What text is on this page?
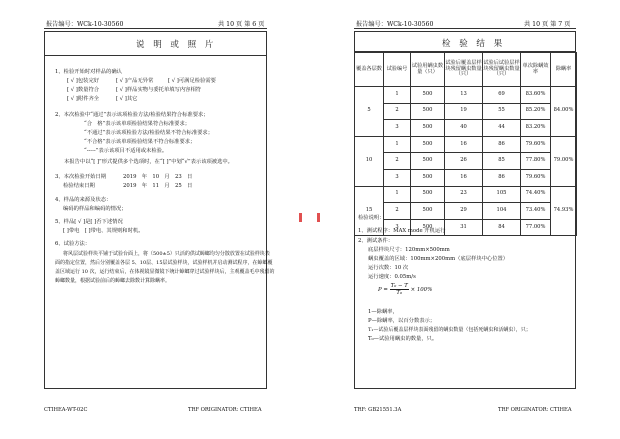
报告编号：WCk-10-30560	共 10 页 第 6 页
说 明 或 照 片
1、检验开始时对样品的确认
[ √ ]包装完好	[ √ ]产品无异常	[ √ ]可满足检验需要
[ √ ]数量符合	[ √ ]样品实物与委托单填写内容相符
[ √ ]附件齐全	[ √ ]其它
2、本次检验中“通过”表示该项检验方法/检验结果符合标准要求；
“合　格”表示该单项检验结果符合标准要求；
“不通过”表示该项检验方法/检验结果不符合标准要求；
“不合格”表示该单项检验结果不符合标准要求；
“-----”表示该项目不适用或未检验。
本报告中以“[ ]”形式提供多个选项时，在“[ ]”中划“√”表示该项被选中。
3、本次检验开始日期	2019　年　10　月　23　日
检验结束日期	2019　年　11　月　25　日
4、样品的来源及状态：
编码的样品和编码的情况；
5、样品[ √ ]是[ ]否下述情况
[ ]带电　[ ]带电、其规则和时机。
6、试验方法：
　将风层试验样块平铺于试验台面上，将（500±5）只活的供试蟑螂均匀分散放置在试验样块表
面的指定位置，然后分别覆盖各层 5、10层、15层试验样块，试验样机并启动测试程序，在蟑螂覆
盖区域运行 10 次，运行结束后，在体视镜显微镜下统计蟑螂穿过试验样块后，主观覆盖毛中残留的
蟑螂数量，根据试验前后的蟑螂去除数计算除螨率。
CTIHEA-WT-02C	TRF ORIGINATOR: CTIHEA
报告编号：WCk-10-30560	共 10 页 第 7 页
检 验 结 果
覆盖各层数	试验编号	试验用螨虫数量（只）	试验后覆盖层样块残留螨虫数量（只）	试验后试验层样块残留螨虫数量（只）	单次除螨效率	除螨率
5	1	500	13	69	83.60%	84.00%
	2	500	19	55	85.20%	
	3	500	40	44	83.20%	
10	1	500	16	86	79.60%	79.00%
	2	500	26	85	77.80%	
	3	500	16	86	79.60%	
15	1	500	23	105	74.40%	74.93%
	2	500	29	104	73.40%	
	3	500	31	84	77.00%	
检验说明：
1、测试程序：MAX mode 开机运行
2、测试条件：
底层样块尺寸：120mm×500mm
螨虫覆盖的区域：100mm×200mm（底层样块中心位置）
运行次数：10 次
运行速度：0.05m/s
$P = \frac{\text{T₀ − T}}{\text{T₀}} \times 100\%$
1—除螨率，
P—除螨率，以百分数表示；
T₁—试验后覆盖层样块表面残留的螨虫数量（包括死螨虫和活螨虫），只；
T₀—试验用螨虫的数量，只。
TRF: GB21551.3A	TRF ORIGINATOR: CTIHEA
